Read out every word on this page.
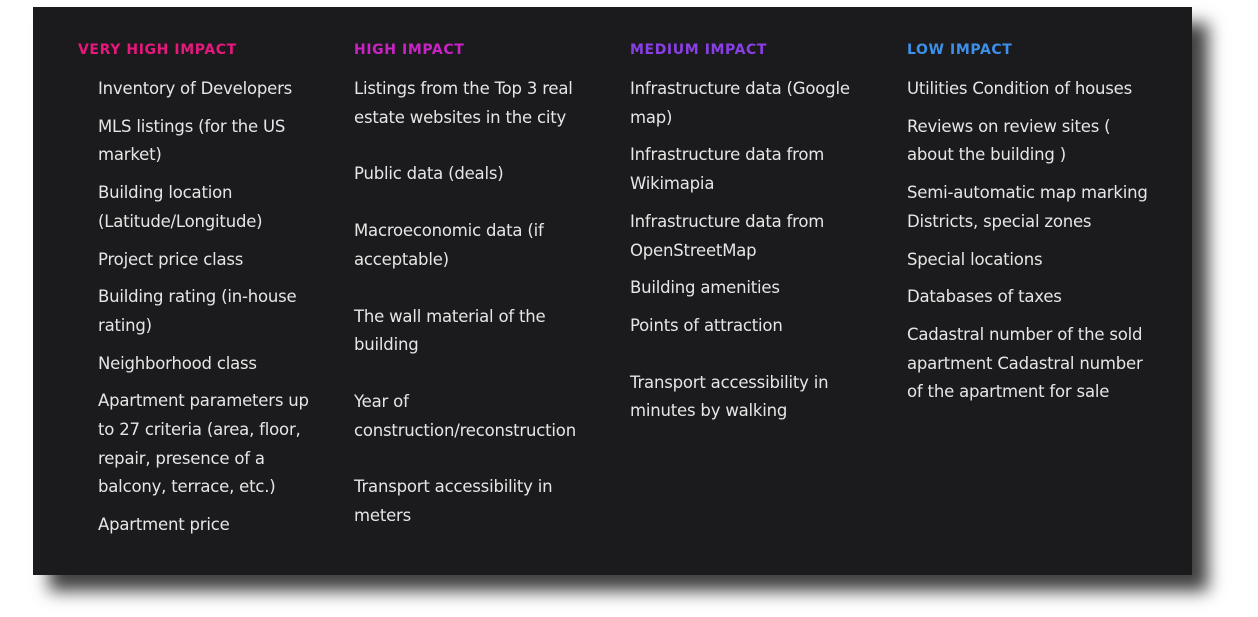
VERY HIGH IMPACT
Inventory of Developers
MLS listings (for the US market)
Building location (Latitude/Longitude)
Project price class
Building rating (in-house rating)
Neighborhood class
Apartment parameters up to 27 criteria (area, floor, repair, presence of a balcony, terrace, etc.)
Apartment price
HIGH IMPACT
Listings from the Top 3 real estate websites in the city
Public data (deals)
Macroeconomic data (if acceptable)
The wall material of the building
Year of construction/reconstruction
Transport accessibility in meters
MEDIUM IMPACT
Infrastructure data (Google map)
Infrastructure data from Wikimapia
Infrastructure data from OpenStreetMap
Building amenities
Points of attraction
Transport accessibility in minutes by walking
LOW IMPACT
Utilities Condition of houses
Reviews on review sites ( about the building )
Semi-automatic map marking Districts, special zones
Special locations
Databases of taxes
Cadastral number of the sold apartment Cadastral number of the apartment for sale
